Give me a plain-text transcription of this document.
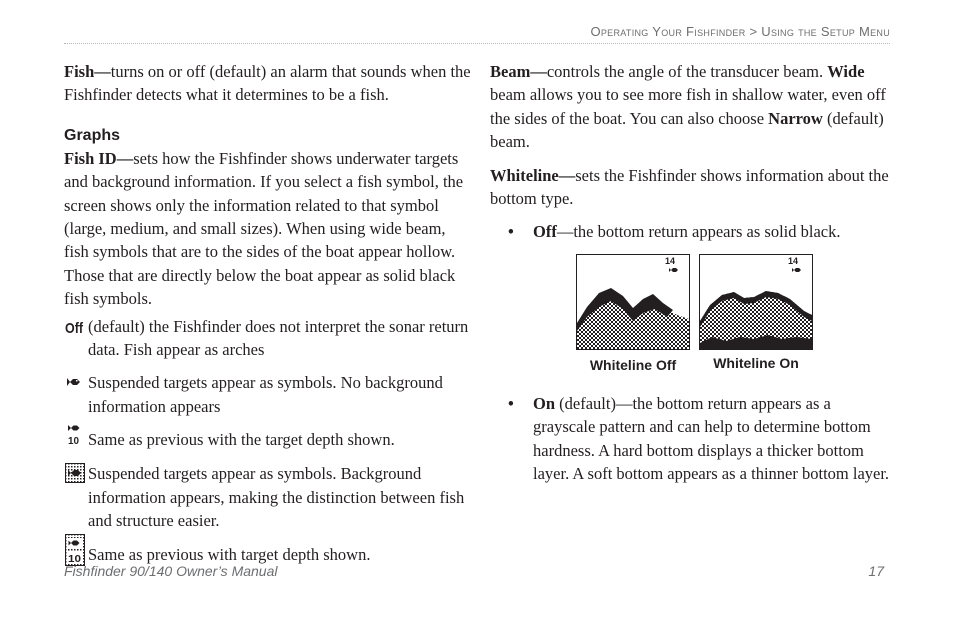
Operating Your Fishfinder > Using the Setup Menu

Fish—turns on or off (default) an alarm that sounds when the Fishfinder detects what it determines to be a fish.

Graphs

Fish ID—sets how the Fishfinder shows underwater targets and background information. If you select a fish symbol, the screen shows only the information related to that symbol (large, medium, and small sizes). When using wide beam, fish symbols that are to the sides of the boat appear hollow. Those that are directly below the boat appear as solid black fish symbols.

Off (default) the Fishfinder does not interpret the sonar return data. Fish appear as arches
Suspended targets appear as symbols. No background information appears
10 Same as previous with the target depth shown.
Suspended targets appear as symbols. Background information appears, making the distinction between fish and structure easier.
10 Same as previous with target depth shown.

Beam—controls the angle of the transducer beam. Wide beam allows you to see more fish in shallow water, even off the sides of the boat. You can also choose Narrow (default) beam.

Whiteline—sets the Fishfinder shows information about the bottom type.

•	Off—the bottom return appears as solid black.
14
Whiteline Off
14
Whiteline On
•	On (default)—the bottom return appears as a grayscale pattern and can help to determine bottom hardness. A hard bottom displays a thicker bottom layer. A soft bottom appears as a thinner bottom layer.
Fishfinder 90/140 Owner’s Manual	17
